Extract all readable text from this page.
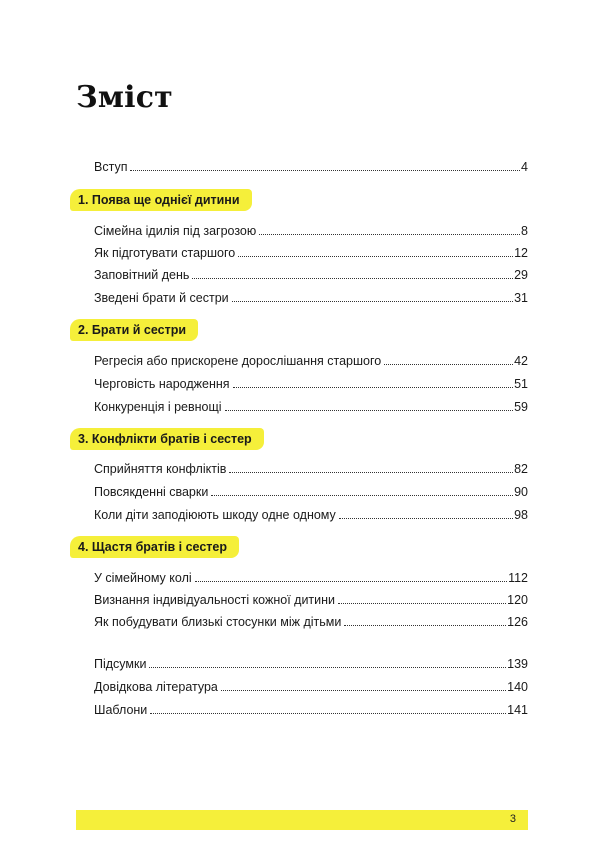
Зміст
Вступ	4
1. Поява ще однієї дитини
Сімейна ідилія під загрозою	8
Як підготувати старшого	12
Заповітний день	29
Зведені брати й сестри	31
2. Брати й сестри
Регресія або прискорене дорослішання старшого	42
Черговість народження	51
Конкуренція і ревнощі	59
3. Конфлікти братів і сестер
Сприйняття конфліктів	82
Повсякденні сварки	90
Коли діти заподіюють шкоду одне одному	98
4. Щастя братів і сестер
У сімейному колі	112
Визнання індивідуальності кожної дитини	120
Як побудувати близькі стосунки між дітьми	126
Підсумки	139
Довідкова література	140
Шаблони	141
3
